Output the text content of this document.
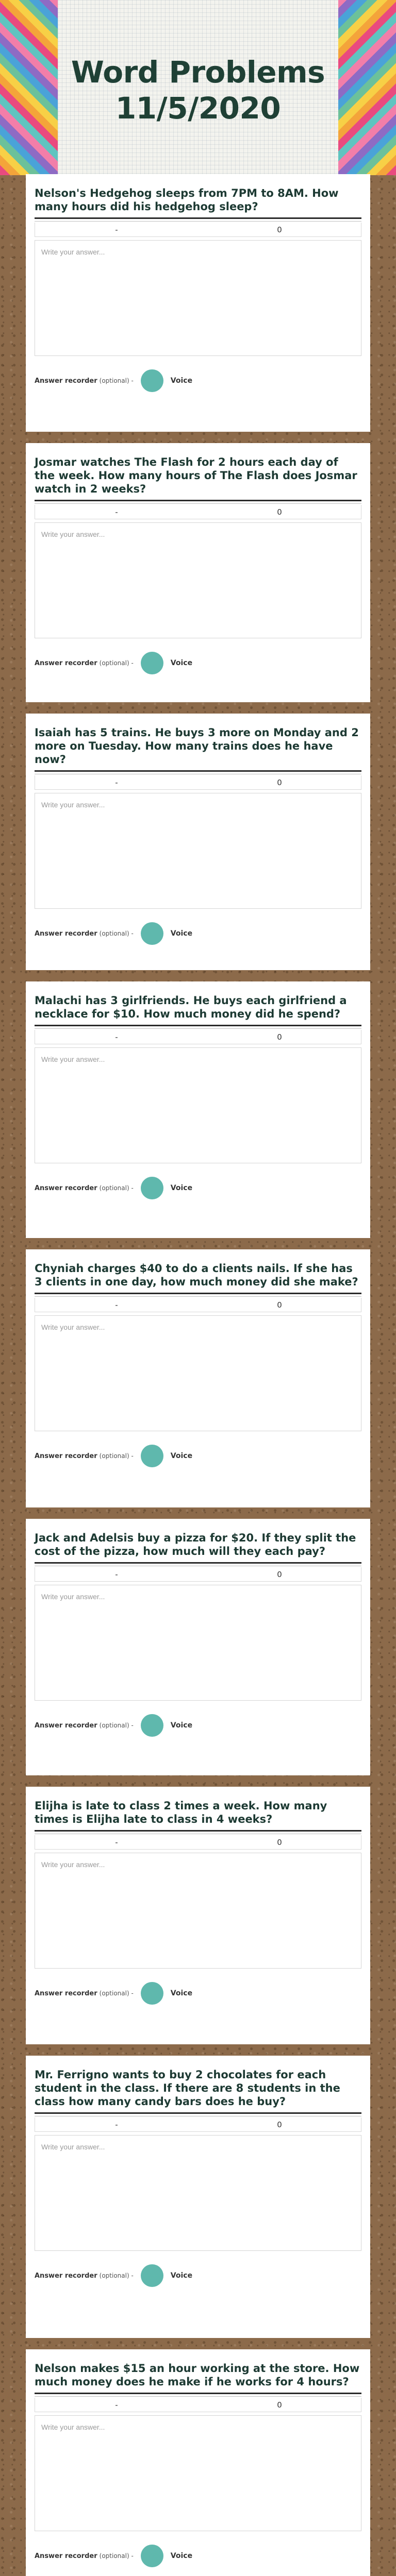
Word Problems
11/5/2020
Nelson's Hedgehog sleeps from 7PM to 8AM. How many hours did his hedgehog sleep?
-	0
Write your answer...
Answer recorder (optional) -	Voice
Josmar watches The Flash for 2 hours each day of the week. How many hours of The Flash does Josmar watch in 2 weeks?
-	0
Write your answer...
Answer recorder (optional) -	Voice
Isaiah has 5 trains. He buys 3 more on Monday and 2 more on Tuesday. How many trains does he have now?
-	0
Write your answer...
Answer recorder (optional) -	Voice
Malachi has 3 girlfriends. He buys each girlfriend a necklace for $10. How much money did he spend?
-	0
Write your answer...
Answer recorder (optional) -	Voice
Chyniah charges $40 to do a clients nails. If she has 3 clients in one day, how much money did she make?
-	0
Write your answer...
Answer recorder (optional) -	Voice
Jack and Adelsis buy a pizza for $20. If they split the cost of the pizza, how much will they each pay?
-	0
Write your answer...
Answer recorder (optional) -	Voice
Elijha is late to class 2 times a week. How many times is Elijha late to class in 4 weeks?
-	0
Write your answer...
Answer recorder (optional) -	Voice
Mr. Ferrigno wants to buy 2 chocolates for each student in the class. If there are 8 students in the class how many candy bars does he buy?
-	0
Write your answer...
Answer recorder (optional) -	Voice
Nelson makes $15 an hour working at the store. How much money does he make if he works for 4 hours?
-	0
Write your answer...
Answer recorder (optional) -	Voice
